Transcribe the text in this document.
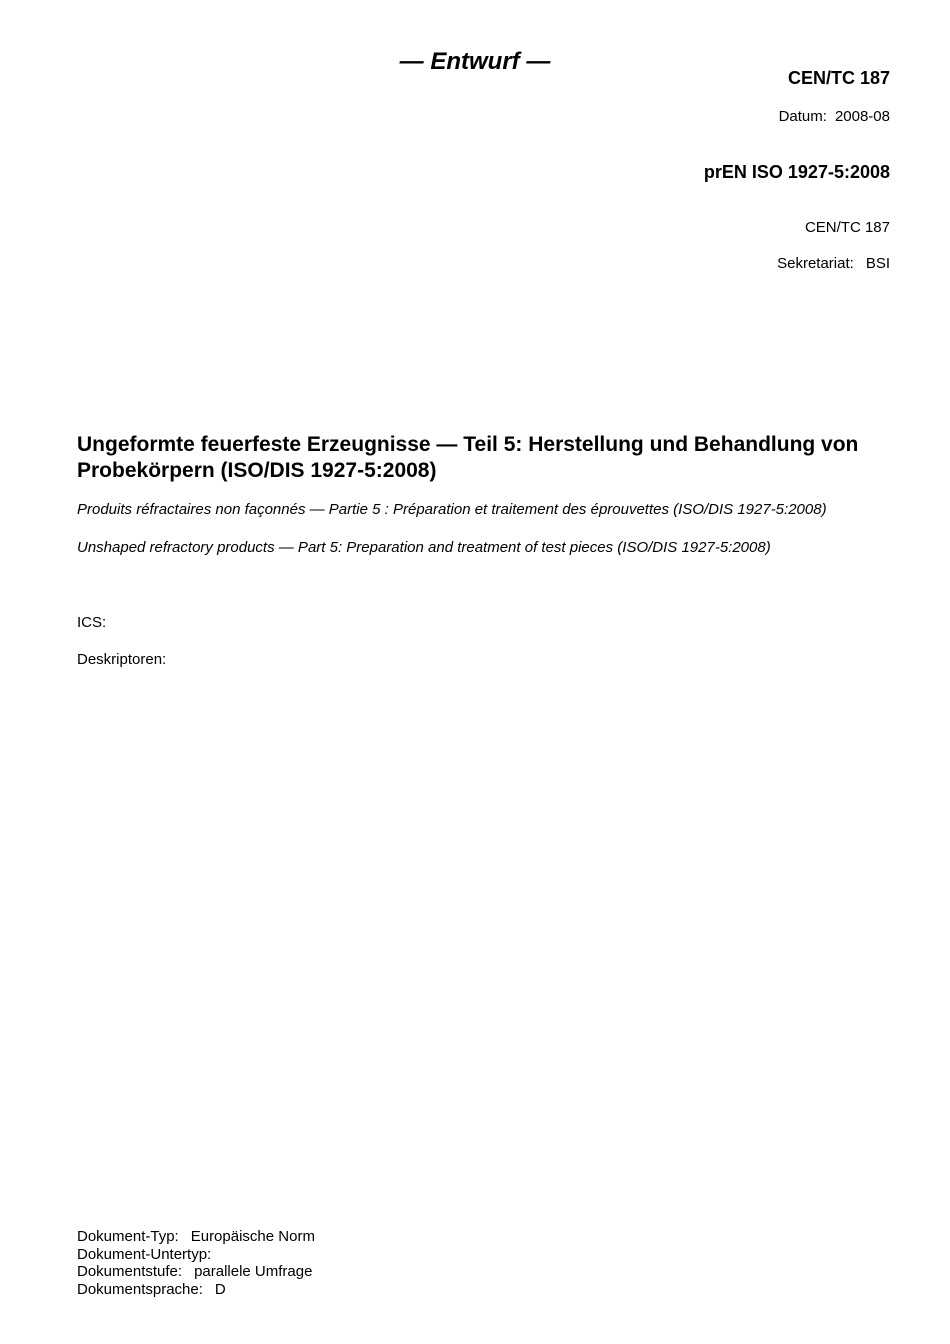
— Entwurf —
CEN/TC 187
Datum: 2008-08
prEN ISO 1927-5:2008
CEN/TC 187
Sekretariat: BSI
Ungeformte feuerfeste Erzeugnisse — Teil 5: Herstellung und Behandlung von Probekörpern (ISO/DIS 1927-5:2008)
Produits réfractaires non façonnés — Partie 5 : Préparation et traitement des éprouvettes (ISO/DIS 1927-5:2008)
Unshaped refractory products — Part 5: Preparation and treatment of test pieces (ISO/DIS 1927-5:2008)
ICS:
Deskriptoren:
Dokument-Typ: Europäische Norm
Dokument-Untertyp:
Dokumentstufe: parallele Umfrage
Dokumentsprache: D
